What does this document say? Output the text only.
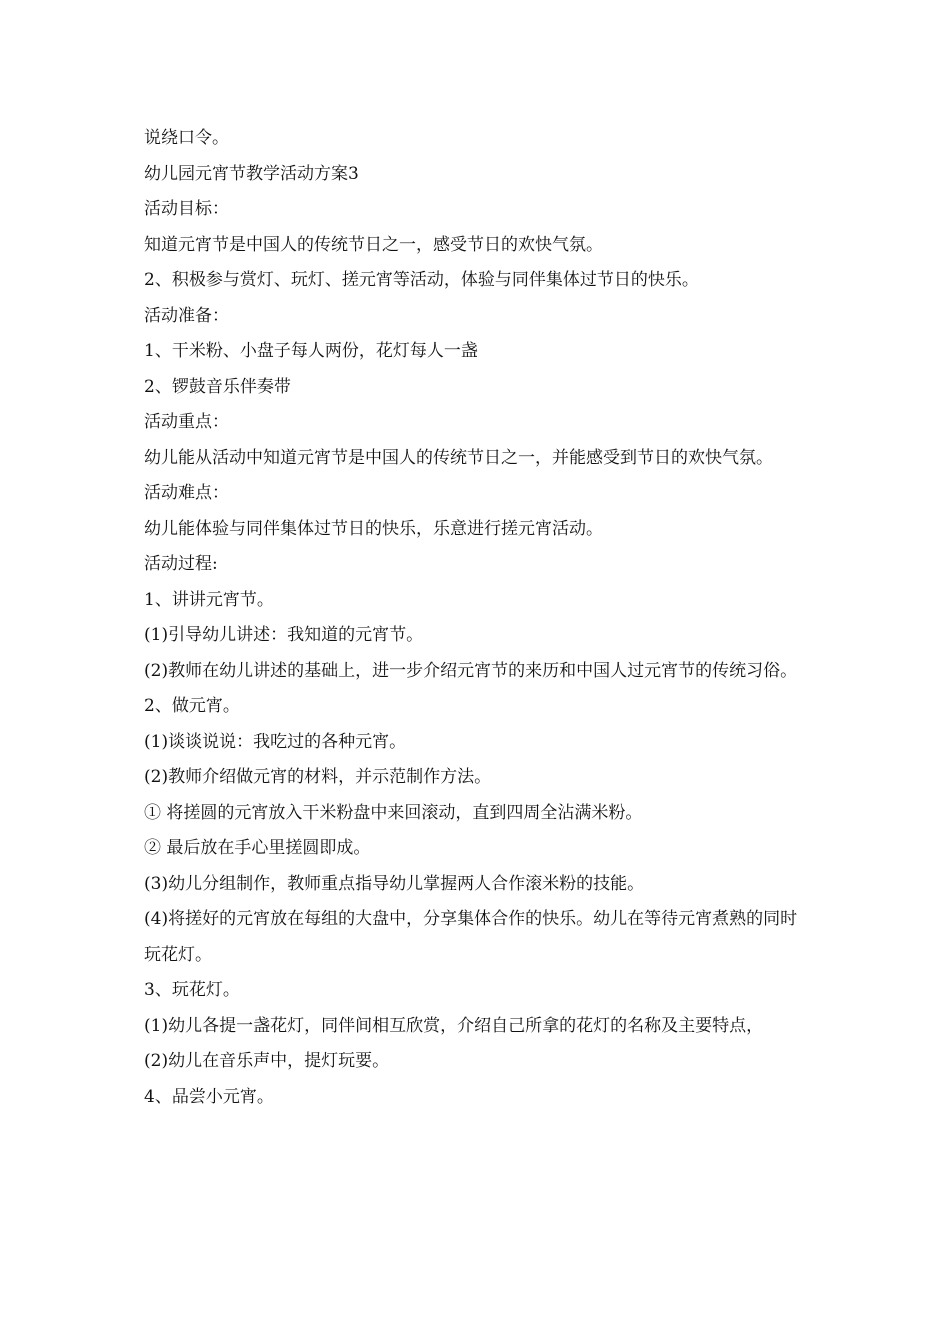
说绕口令。

幼儿园元宵节教学活动方案3

活动目标：

知道元宵节是中国人的传统节日之一，感受节日的欢快气氛。

2、积极参与赏灯、玩灯、搓元宵等活动，体验与同伴集体过节日的快乐。

活动准备：

1、干米粉、小盘子每人两份，花灯每人一盏

2、锣鼓音乐伴奏带

活动重点：

幼儿能从活动中知道元宵节是中国人的传统节日之一，并能感受到节日的欢快气氛。

活动难点：

幼儿能体验与同伴集体过节日的快乐，乐意进行搓元宵活动。

活动过程:

1、讲讲元宵节。

(1)引导幼儿讲述：我知道的元宵节。

(2)教师在幼儿讲述的基础上，进一步介绍元宵节的来历和中国人过元宵节的传统习俗。

2、做元宵。

(1)谈谈说说：我吃过的各种元宵。

(2)教师介绍做元宵的材料，并示范制作方法。

① 将搓圆的元宵放入干米粉盘中来回滚动，直到四周全沾满米粉。

② 最后放在手心里搓圆即成。

(3)幼儿分组制作，教师重点指导幼儿掌握两人合作滚米粉的技能。

(4)将搓好的元宵放在每组的大盘中，分享集体合作的快乐。幼儿在等待元宵煮熟的同时玩花灯。

3、玩花灯。

(1)幼儿各提一盏花灯，同伴间相互欣赏，介绍自己所拿的花灯的名称及主要特点，

(2)幼儿在音乐声中，提灯玩要。

4、品尝小元宵。
